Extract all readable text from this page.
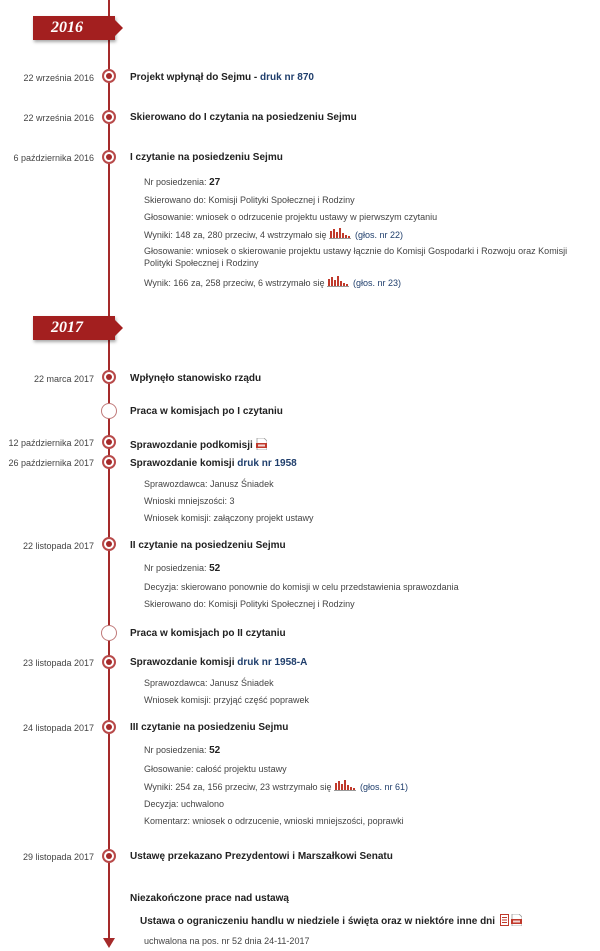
2016
22 września 2016	Projekt wpłynął do Sejmu - druk nr 870
22 września 2016	Skierowano do I czytania na posiedzeniu Sejmu
6 października 2016	I czytanie na posiedzeniu Sejmu
Nr posiedzenia: 27
Skierowano do: Komisji Polityki Społecznej i Rodziny
Głosowanie: wniosek o odrzucenie projektu ustawy w pierwszym czytaniu
Wyniki: 148 za, 280 przeciw, 4 wstrzymało się	(głos. nr 22)
Głosowanie: wniosek o skierowanie projektu ustawy łącznie do Komisji Gospodarki i Rozwoju oraz Komisji Polityki Społecznej i Rodziny
Wynik: 166 za, 258 przeciw, 6 wstrzymało się	(głos. nr 23)
2017
22 marca 2017	Wpłynęło stanowisko rządu
Praca w komisjach po I czytaniu
12 października 2017	Sprawozdanie podkomisji
26 października 2017	Sprawozdanie komisji druk nr 1958
Sprawozdawca: Janusz Śniadek
Wnioski mniejszości: 3
Wniosek komisji: załączony projekt ustawy
22 listopada 2017	II czytanie na posiedzeniu Sejmu
Nr posiedzenia: 52
Decyzja: skierowano ponownie do komisji w celu przedstawienia sprawozdania
Skierowano do: Komisji Polityki Społecznej i Rodziny
Praca w komisjach po II czytaniu
23 listopada 2017	Sprawozdanie komisji druk nr 1958-A
Sprawozdawca: Janusz Śniadek
Wniosek komisji: przyjąć część poprawek
24 listopada 2017	III czytanie na posiedzeniu Sejmu
Nr posiedzenia: 52
Głosowanie: całość projektu ustawy
Wyniki: 254 za, 156 przeciw, 23 wstrzymało się	(głos. nr 61)
Decyzja: uchwalono
Komentarz: wniosek o odrzucenie, wnioski mniejszości, poprawki
29 listopada 2017	Ustawę przekazano Prezydentowi i Marszałkowi Senatu
Niezakończone prace nad ustawą
Ustawa o ograniczeniu handlu w niedziele i święta oraz w niektóre inne dni
uchwalona na pos. nr 52 dnia 24-11-2017
